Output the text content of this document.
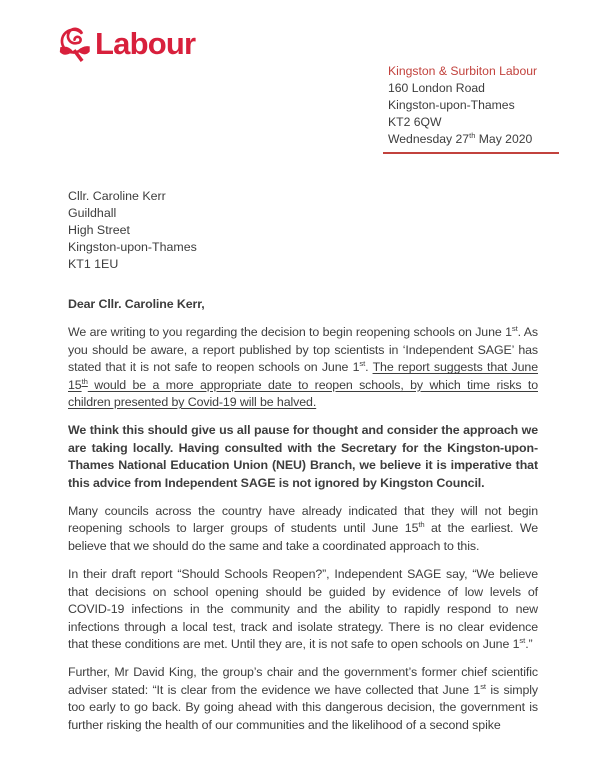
Labour
Kingston & Surbiton Labour
160 London Road
Kingston-upon-Thames
KT2 6QW
Wednesday 27th May 2020
Cllr. Caroline Kerr
Guildhall
High Street
Kingston-upon-Thames
KT1 1EU

Dear Cllr. Caroline Kerr,

We are writing to you regarding the decision to begin reopening schools on June 1st. As you should be aware, a report published by top scientists in ‘Independent SAGE’ has stated that it is not safe to reopen schools on June 1st. The report suggests that June 15th would be a more appropriate date to reopen schools, by which time risks to children presented by Covid-19 will be halved.

We think this should give us all pause for thought and consider the approach we are taking locally. Having consulted with the Secretary for the Kingston-upon-Thames National Education Union (NEU) Branch, we believe it is imperative that this advice from Independent SAGE is not ignored by Kingston Council.

Many councils across the country have already indicated that they will not begin reopening schools to larger groups of students until June 15th at the earliest. We believe that we should do the same and take a coordinated approach to this.

In their draft report “Should Schools Reopen?”, Independent SAGE say, “We believe that decisions on school opening should be guided by evidence of low levels of COVID-19 infections in the community and the ability to rapidly respond to new infections through a local test, track and isolate strategy. There is no clear evidence that these conditions are met. Until they are, it is not safe to open schools on June 1st.”

Further, Mr David King, the group’s chair and the government’s former chief scientific adviser stated: “It is clear from the evidence we have collected that June 1st is simply too early to go back. By going ahead with this dangerous decision, the government is further risking the health of our communities and the likelihood of a second spike
